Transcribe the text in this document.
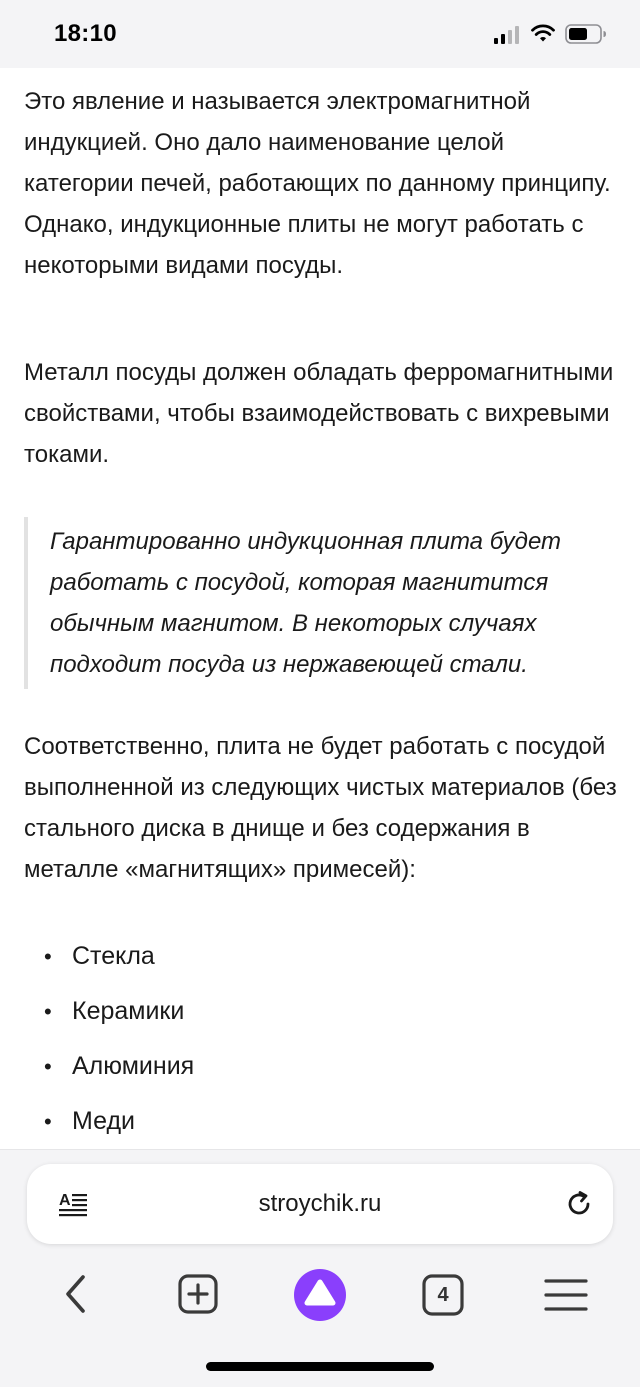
18:10

Это явление и называется электромагнитной индукцией. Оно дало наименование целой категории печей, работающих по данному принципу. Однако, индукционные плиты не могут работать с некоторыми видами посуды.

Металл посуды должен обладать ферромагнитными свойствами, чтобы взаимодействовать с вихревыми токами.

Гарантированно индукционная плита будет работать с посудой, которая магнитится обычным магнитом. В некоторых случаях подходит посуда из нержавеющей стали.

Соответственно, плита не будет работать с посудой выполненной из следующих чистых материалов (без стального диска в днище и без содержания в металле «магнитящих» примесей):

• Стекла
• Керамики
• Алюминия
• Меди
stroychik.ru
A
4
